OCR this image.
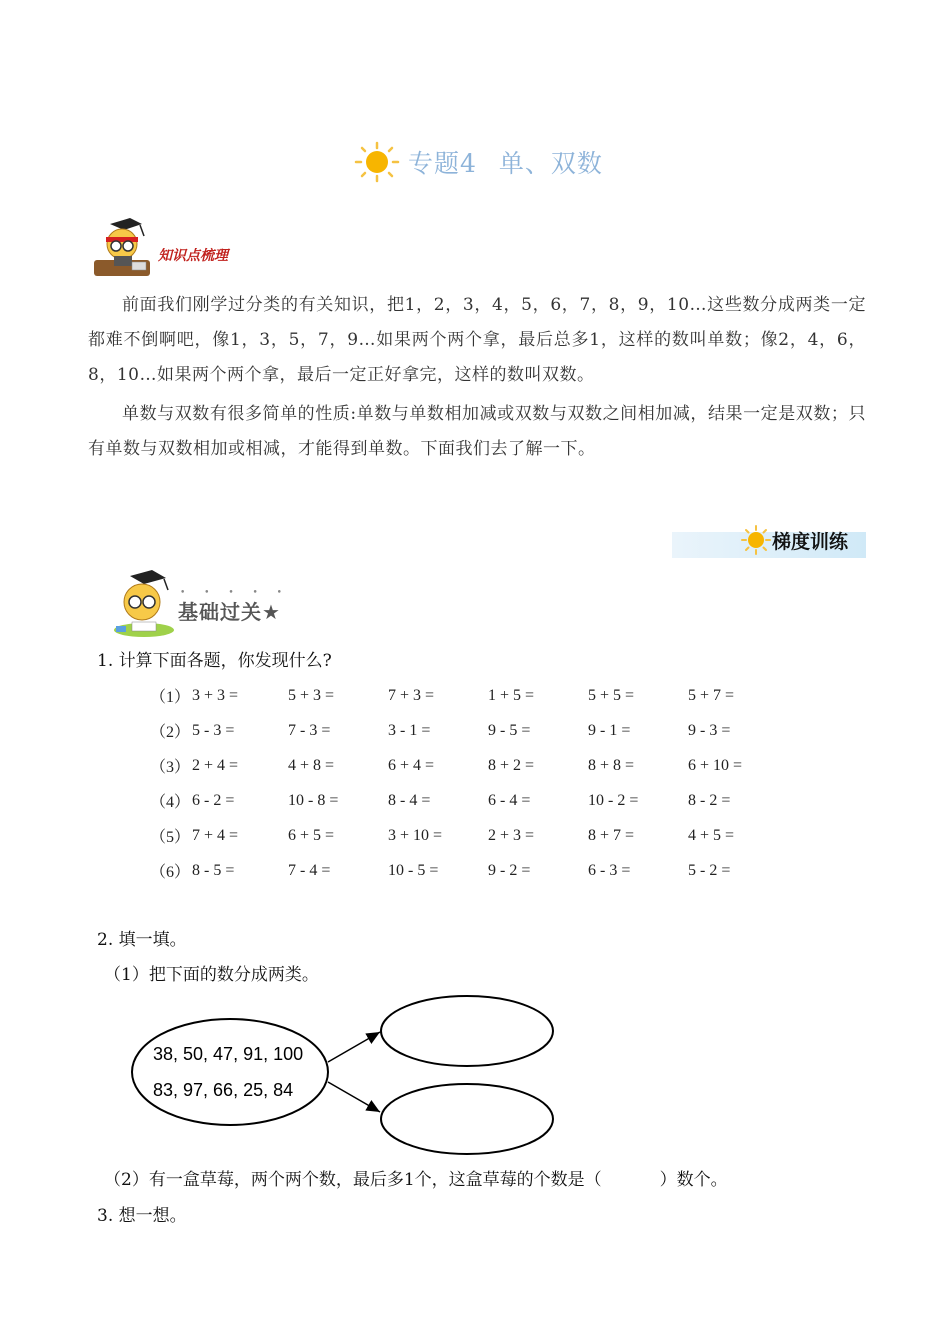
专题4 单、双数
知识点梳理

前面我们刚学过分类的有关知识，把1，2，3，4，5，6，7，8，9，10…这些数分成两类一定都难不倒啊吧，像1，3，5，7，9…如果两个两个拿，最后总多1，这样的数叫单数；像2，4，6，8，10…如果两个两个拿，最后一定正好拿完，这样的数叫双数。

单数与双数有很多简单的性质:单数与单数相加减或双数与双数之间相加减，结果一定是双数；只有单数与双数相加或相减，才能得到单数。下面我们去了解一下。

梯度训练
• • • • •
基础过关★
1. 计算下面各题，你发现什么?
（1） 3 + 3 =	5 + 3 =	7 + 3 =	1 + 5 =	5 + 5 =	5 + 7 =
（2） 5 - 3 =	7 - 3 =	3 - 1 =	9 - 5 =	9 - 1 =	9 - 3 =
（3） 2 + 4 =	4 + 8 =	6 + 4 =	8 + 2 =	8 + 8 =	6 + 10 =
（4） 6 - 2 =	10 - 8 =	8 - 4 =	6 - 4 =	10 - 2 =	8 - 2 =
（5） 7 + 4 =	6 + 5 =	3 + 10 =	2 + 3 =	8 + 7 =	4 + 5 =
（6） 8 - 5 =	7 - 4 =	10 - 5 =	9 - 2 =	6 - 3 =	5 - 2 =
2. 填一填。
（1）把下面的数分成两类。
38, 50, 47, 91, 100
83, 97, 66, 25, 84
（2）有一盒草莓，两个两个数，最后多1个，这盒草莓的个数是（	）数个。
3. 想一想。
